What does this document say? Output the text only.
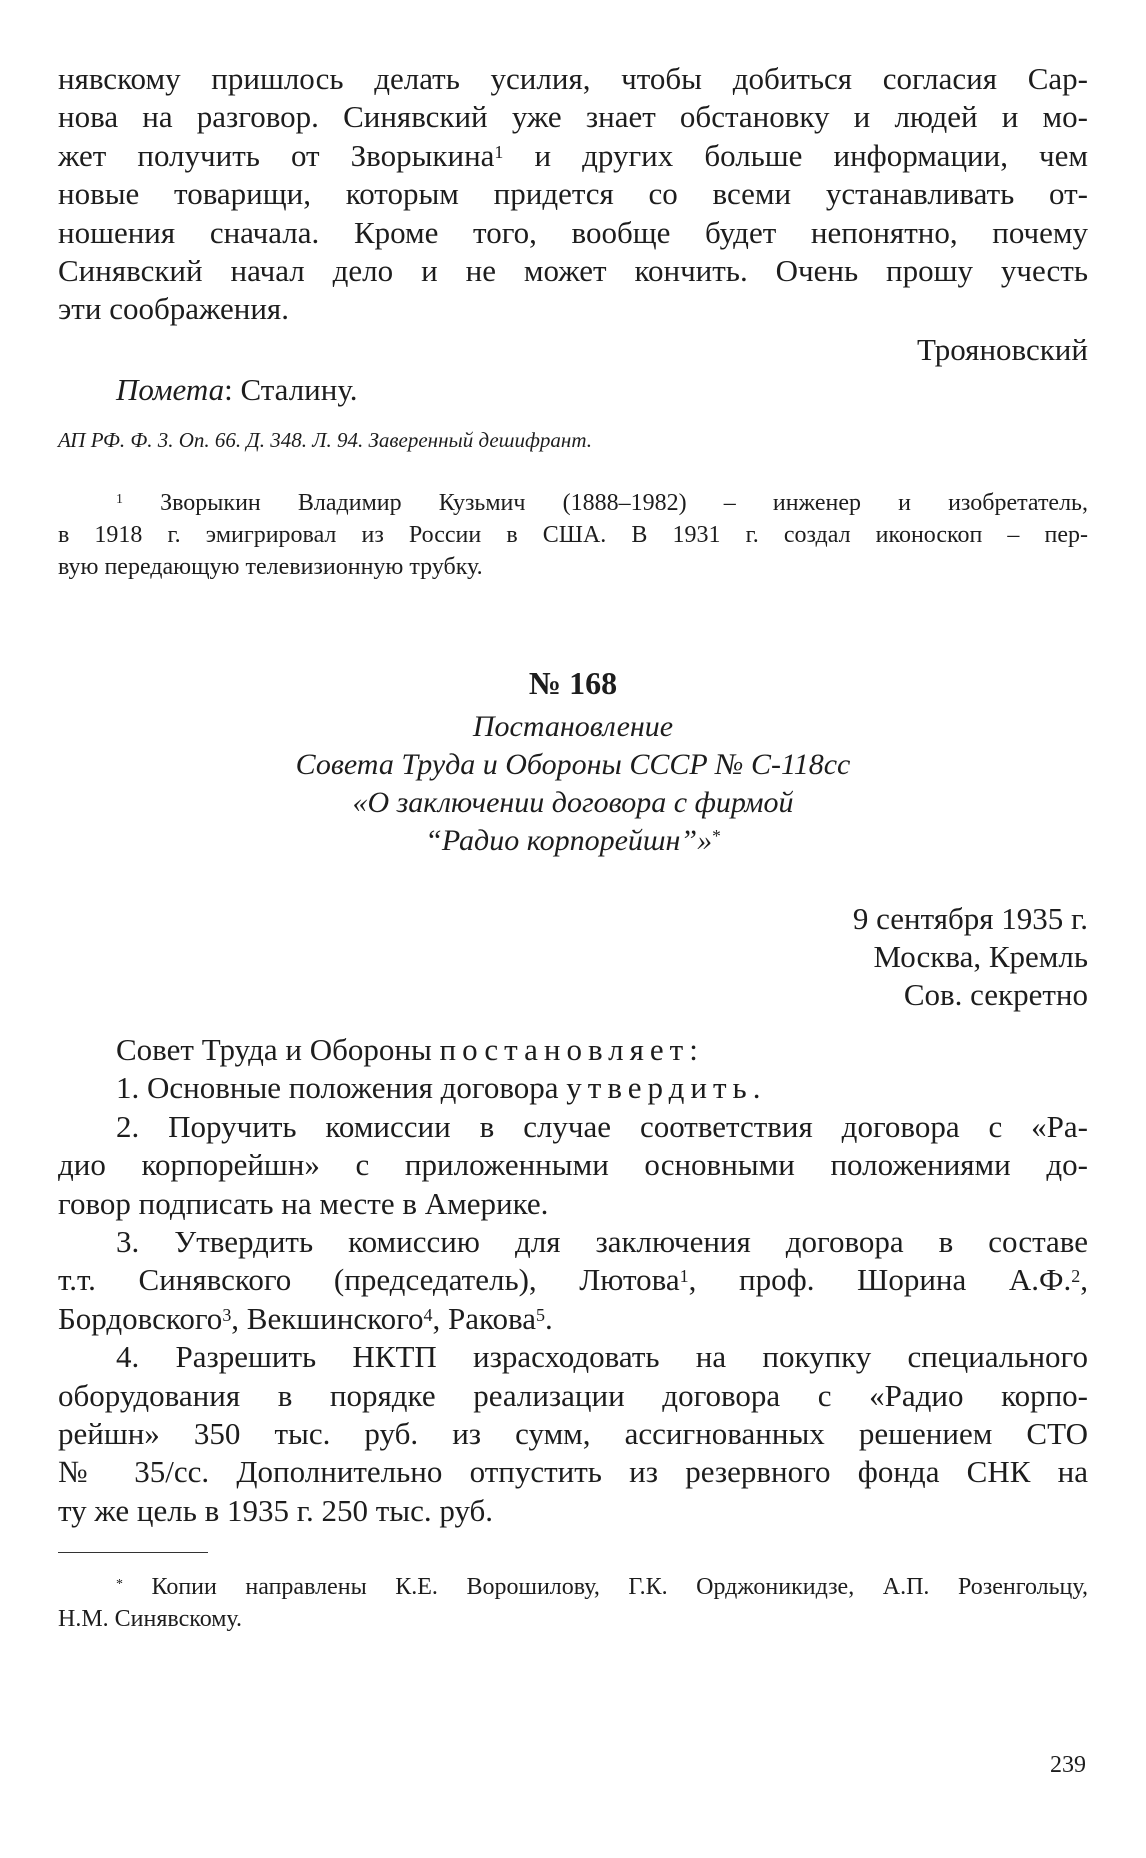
нявскому пришлось делать усилия, чтобы добиться согласия Сар-
нова на разговор. Синявский уже знает обстановку и людей и мо-
жет получить от Зворыкина$^1$ и других больше информации, чем
новые товарищи, которым придется со всеми устанавливать от-
ношения сначала. Кроме того, вообще будет непонятно, почему
Синявский начал дело и не может кончить. Очень прошу учесть
эти соображения.

Трояновский
Помета: Сталину.
АП РФ. Ф. 3. Оп. 66. Д. 348. Л. 94. Заверенный дешифрант.

$^1$ Зворыкин Владимир Кузьмич (1888–1982) – инженер и изобретатель,
в 1918 г. эмигрировал из России в США. В 1931 г. создал иконоскоп – пер-
вую передающую телевизионную трубку.

№ 168
Постановление
Совета Труда и Обороны СССР № С-118сс
«О заключении договора с фирмой
“Радио корпорейшн”»*
9 сентября 1935 г.
Москва, Кремль
Сов. секретно
Совет Труда и Обороны постановляет:
1. Основные положения договора утвердить.
2. Поручить комиссии в случае соответствия договора с «Ра-
дио корпорейшн» с приложенными основными положениями до-
говор подписать на месте в Америке.
3. Утвердить комиссию для заключения договора в составе
т.т. Синявского (председатель), Лютова$^1$, проф. Шорина А.Ф.$^2$,
Бордовского$^3$, Векшинского$^4$, Ракова$^5$.
4. Разрешить НКТП израсходовать на покупку специального
оборудования в порядке реализации договора с «Радио корпо-
рейшн» 350 тыс. руб. из сумм, ассигнованных решением СТО
№ 35/сс. Дополнительно отпустить из резервного фонда СНК на
ту же цель в 1935 г. 250 тыс. руб.

* Копии направлены К.Е. Ворошилову, Г.К. Орджоникидзе, А.П. Розенгольцу,
Н.М. Синявскому.

239
